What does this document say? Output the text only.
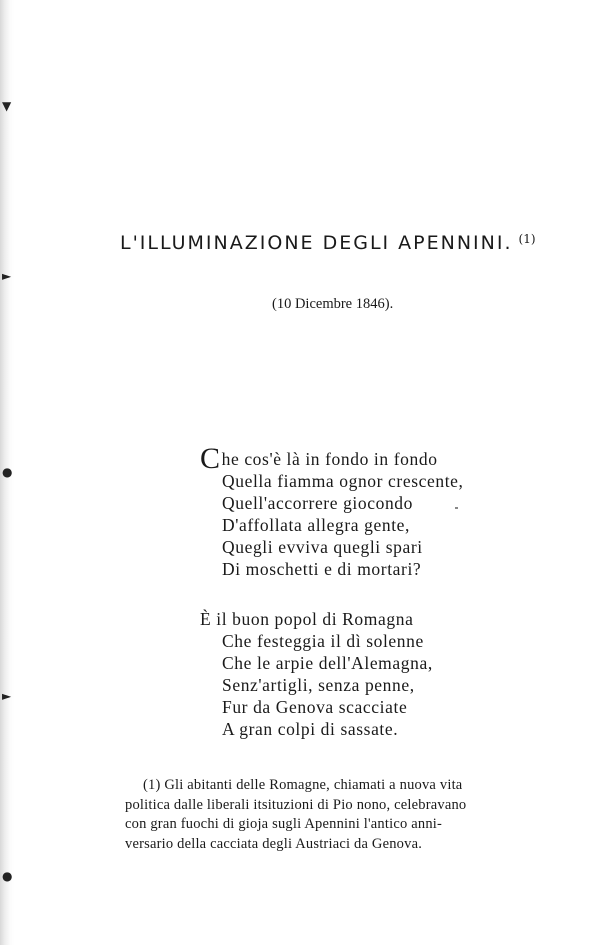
▼
►
●
►
●
L'ILLUMINAZIONE DEGLI APENNINI. $^{(1)}$
(10 Dicembre 1846).
Che cos'è là in fondo in fondo
Quella fiamma ognor crescente,
Quell'accorrere giocondo
D'affollata allegra gente,
Quegli evviva quegli spari
Di moschetti e di mortari?
È il buon popol di Romagna
Che festeggia il dì solenne
Che le arpie dell'Alemagna,
Senz'artigli, senza penne,
Fur da Genova scacciate
A gran colpi di sassate.
(1) Gli abitanti delle Romagne, chiamati a nuova vita
politica dalle liberali itsituzioni di Pio nono, celebravano
con gran fuochi di gioja sugli Apennini l'antico anni-
versario della cacciata degli Austriaci da Genova.
